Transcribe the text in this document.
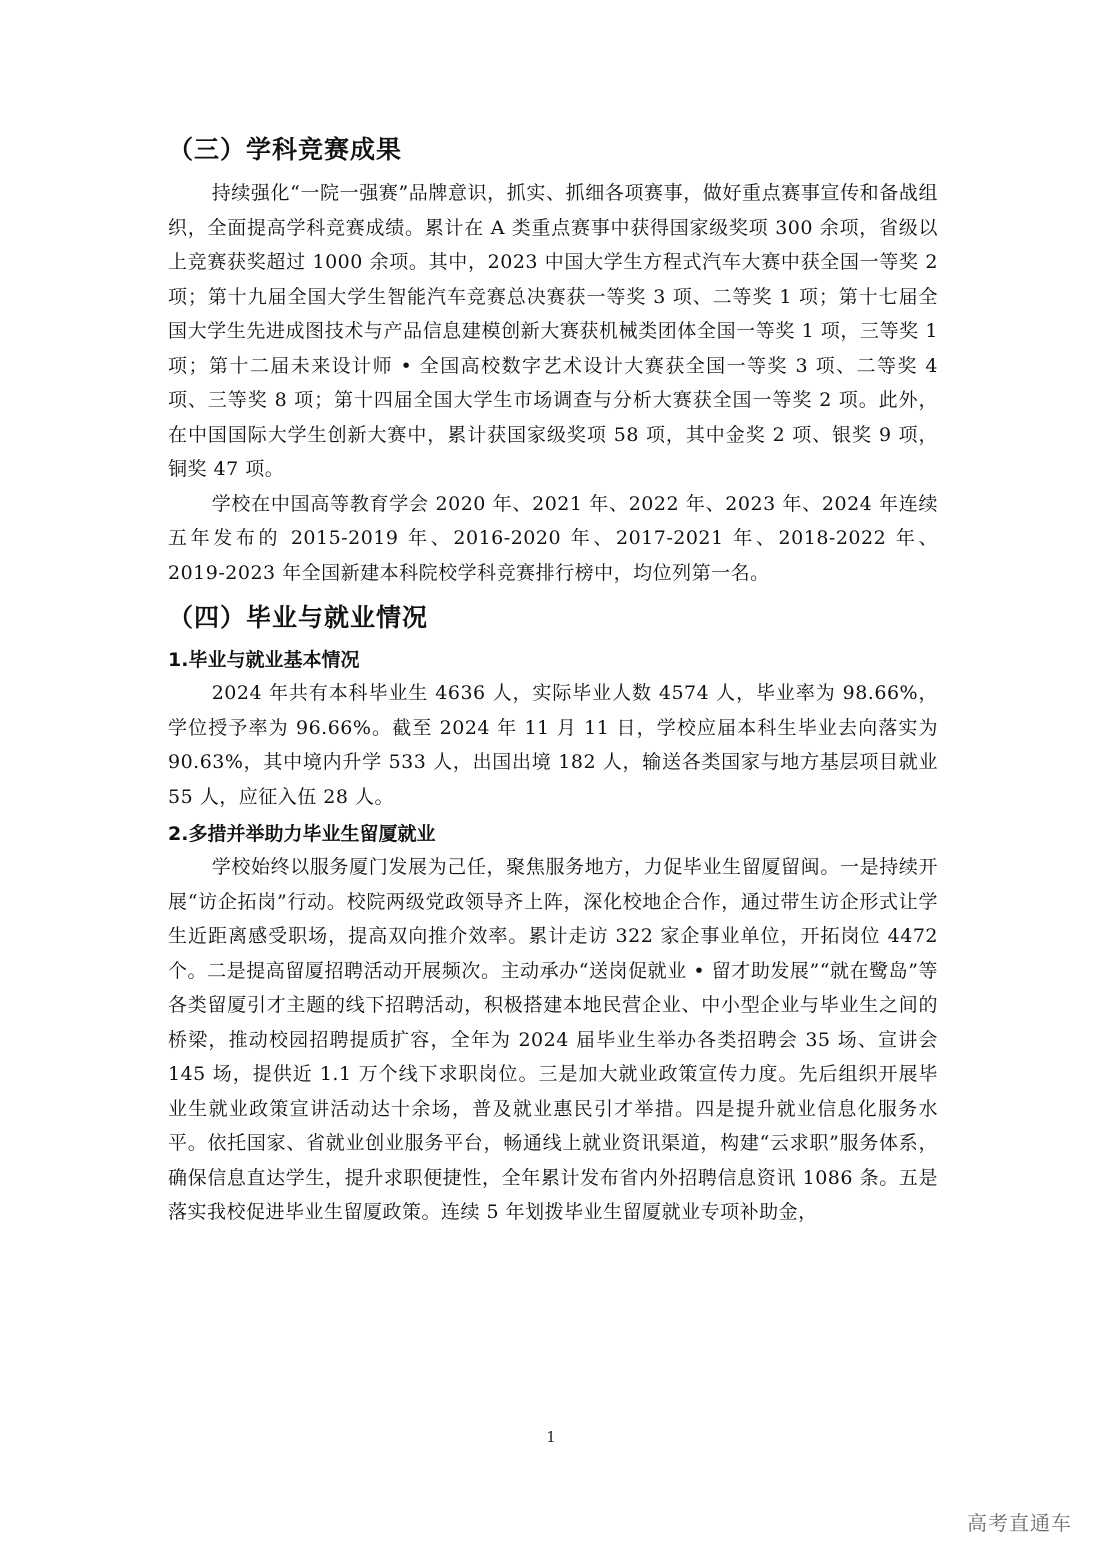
（三）学科竞赛成果

持续强化“一院一强赛”品牌意识，抓实、抓细各项赛事，做好重点赛事宣传和备战组织，全面提高学科竞赛成绩。累计在 A 类重点赛事中获得国家级奖项 300 余项，省级以上竞赛获奖超过 1000 余项。其中，2023 中国大学生方程式汽车大赛中获全国一等奖 2 项；第十九届全国大学生智能汽车竞赛总决赛获一等奖 3 项、二等奖 1 项；第十七届全国大学生先进成图技术与产品信息建模创新大赛获机械类团体全国一等奖 1 项，三等奖 1 项；第十二届未来设计师 • 全国高校数字艺术设计大赛获全国一等奖 3 项、二等奖 4 项、三等奖 8 项；第十四届全国大学生市场调查与分析大赛获全国一等奖 2 项。此外，在中国国际大学生创新大赛中，累计获国家级奖项 58 项，其中金奖 2 项、银奖 9 项，铜奖 47 项。

学校在中国高等教育学会 2020 年、2021 年、2022 年、2023 年、2024 年连续五年发布的 2015-2019 年、2016-2020 年、2017-2021 年、2018-2022 年、2019-2023 年全国新建本科院校学科竞赛排行榜中，均位列第一名。

（四）毕业与就业情况
1.毕业与就业基本情况

2024 年共有本科毕业生 4636 人，实际毕业人数 4574 人，毕业率为 98.66%，学位授予率为 96.66%。截至 2024 年 11 月 11 日，学校应届本科生毕业去向落实为 90.63%，其中境内升学 533 人，出国出境 182 人，输送各类国家与地方基层项目就业 55 人，应征入伍 28 人。

2.多措并举助力毕业生留厦就业

学校始终以服务厦门发展为己任，聚焦服务地方，力促毕业生留厦留闽。一是持续开展“访企拓岗”行动。校院两级党政领导齐上阵，深化校地企合作，通过带生访企形式让学生近距离感受职场，提高双向推介效率。累计走访 322 家企事业单位，开拓岗位 4472 个。二是提高留厦招聘活动开展频次。主动承办“送岗促就业 • 留才助发展”“就在鹭岛”等各类留厦引才主题的线下招聘活动，积极搭建本地民营企业、中小型企业与毕业生之间的桥梁，推动校园招聘提质扩容，全年为 2024 届毕业生举办各类招聘会 35 场、宣讲会 145 场，提供近 1.1 万个线下求职岗位。三是加大就业政策宣传力度。先后组织开展毕业生就业政策宣讲活动达十余场，普及就业惠民引才举措。四是提升就业信息化服务水平。依托国家、省就业创业服务平台，畅通线上就业资讯渠道，构建“云求职”服务体系，确保信息直达学生，提升求职便捷性，全年累计发布省内外招聘信息资讯 1086 条。五是落实我校促进毕业生留厦政策。连续 5 年划拨毕业生留厦就业专项补助金，

1
高考直通车
